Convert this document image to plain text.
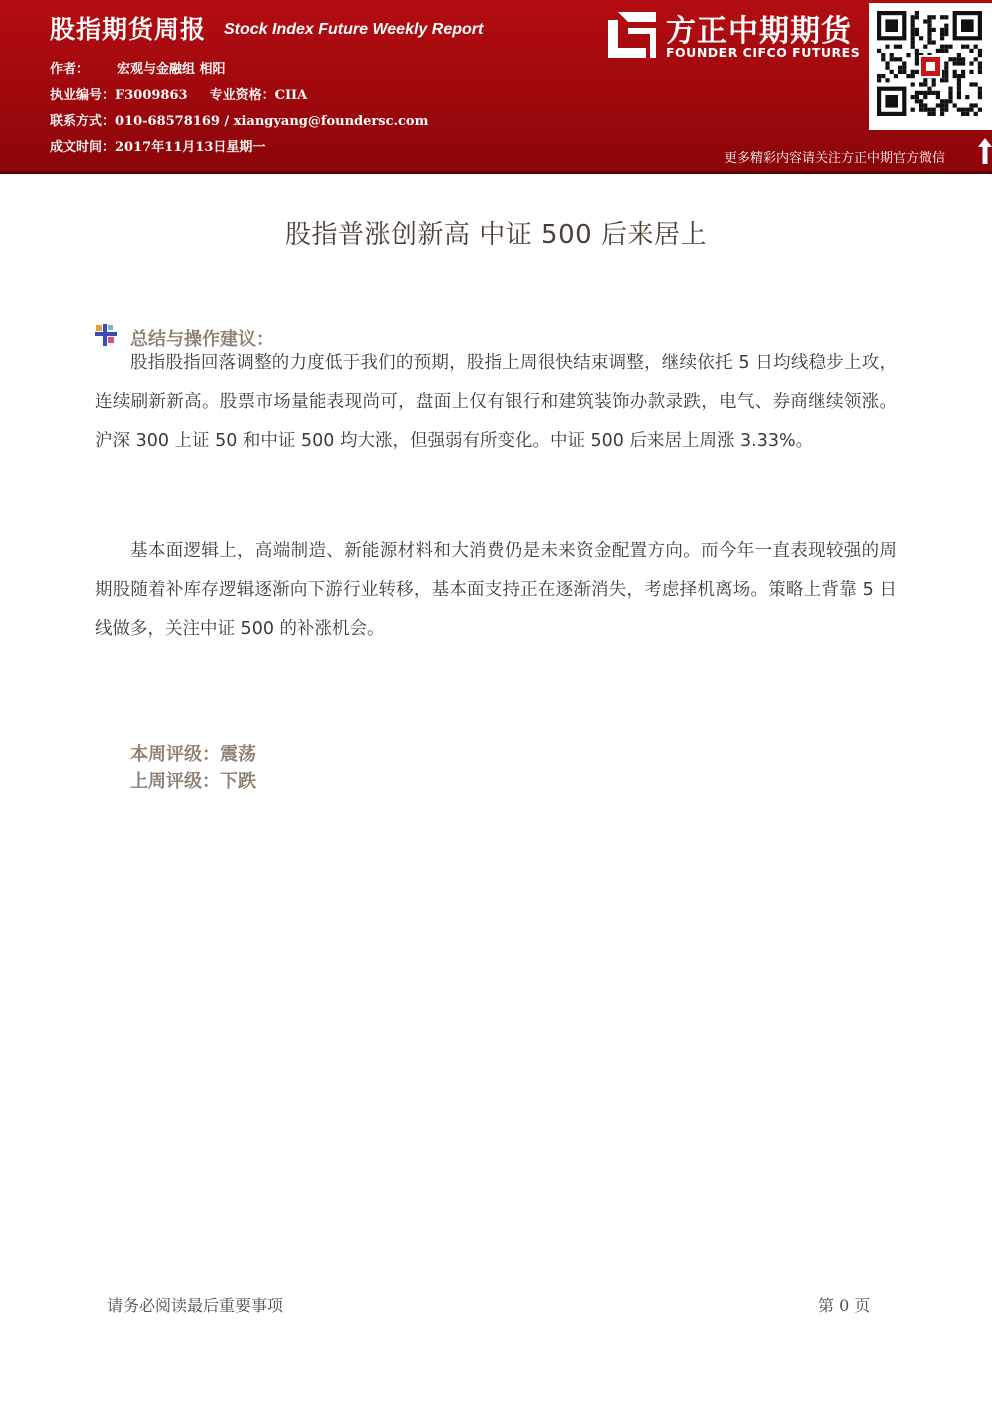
股指期货周报 Stock Index Future Weekly Report
作者： 宏观与金融组 相阳
执业编号：F3009863 专业资格：CIIA
联系方式：010-68578169 / xiangyang@foundersc.com
成文时间：2017年11月13日星期一
方正中期期货
FOUNDER CIFCO FUTURES
更多精彩内容请关注方正中期官方微信
股指普涨创新高 中证 500 后来居上
总结与操作建议：

股指股指回落调整的力度低于我们的预期，股指上周很快结束调整，继续依托 5 日均线稳步上攻，连续刷新新高。股票市场量能表现尚可，盘面上仅有银行和建筑装饰办款录跌，电气、券商继续领涨。沪深 300 上证 50 和中证 500 均大涨，但强弱有所变化。中证 500 后来居上周涨 3.33%。

基本面逻辑上，高端制造、新能源材料和大消费仍是未来资金配置方向。而今年一直表现较强的周期股随着补库存逻辑逐渐向下游行业转移，基本面支持正在逐渐消失，考虑择机离场。策略上背靠 5 日线做多，关注中证 500 的补涨机会。

本周评级：震荡
上周评级：下跌
请务必阅读最后重要事项	第 0 页
